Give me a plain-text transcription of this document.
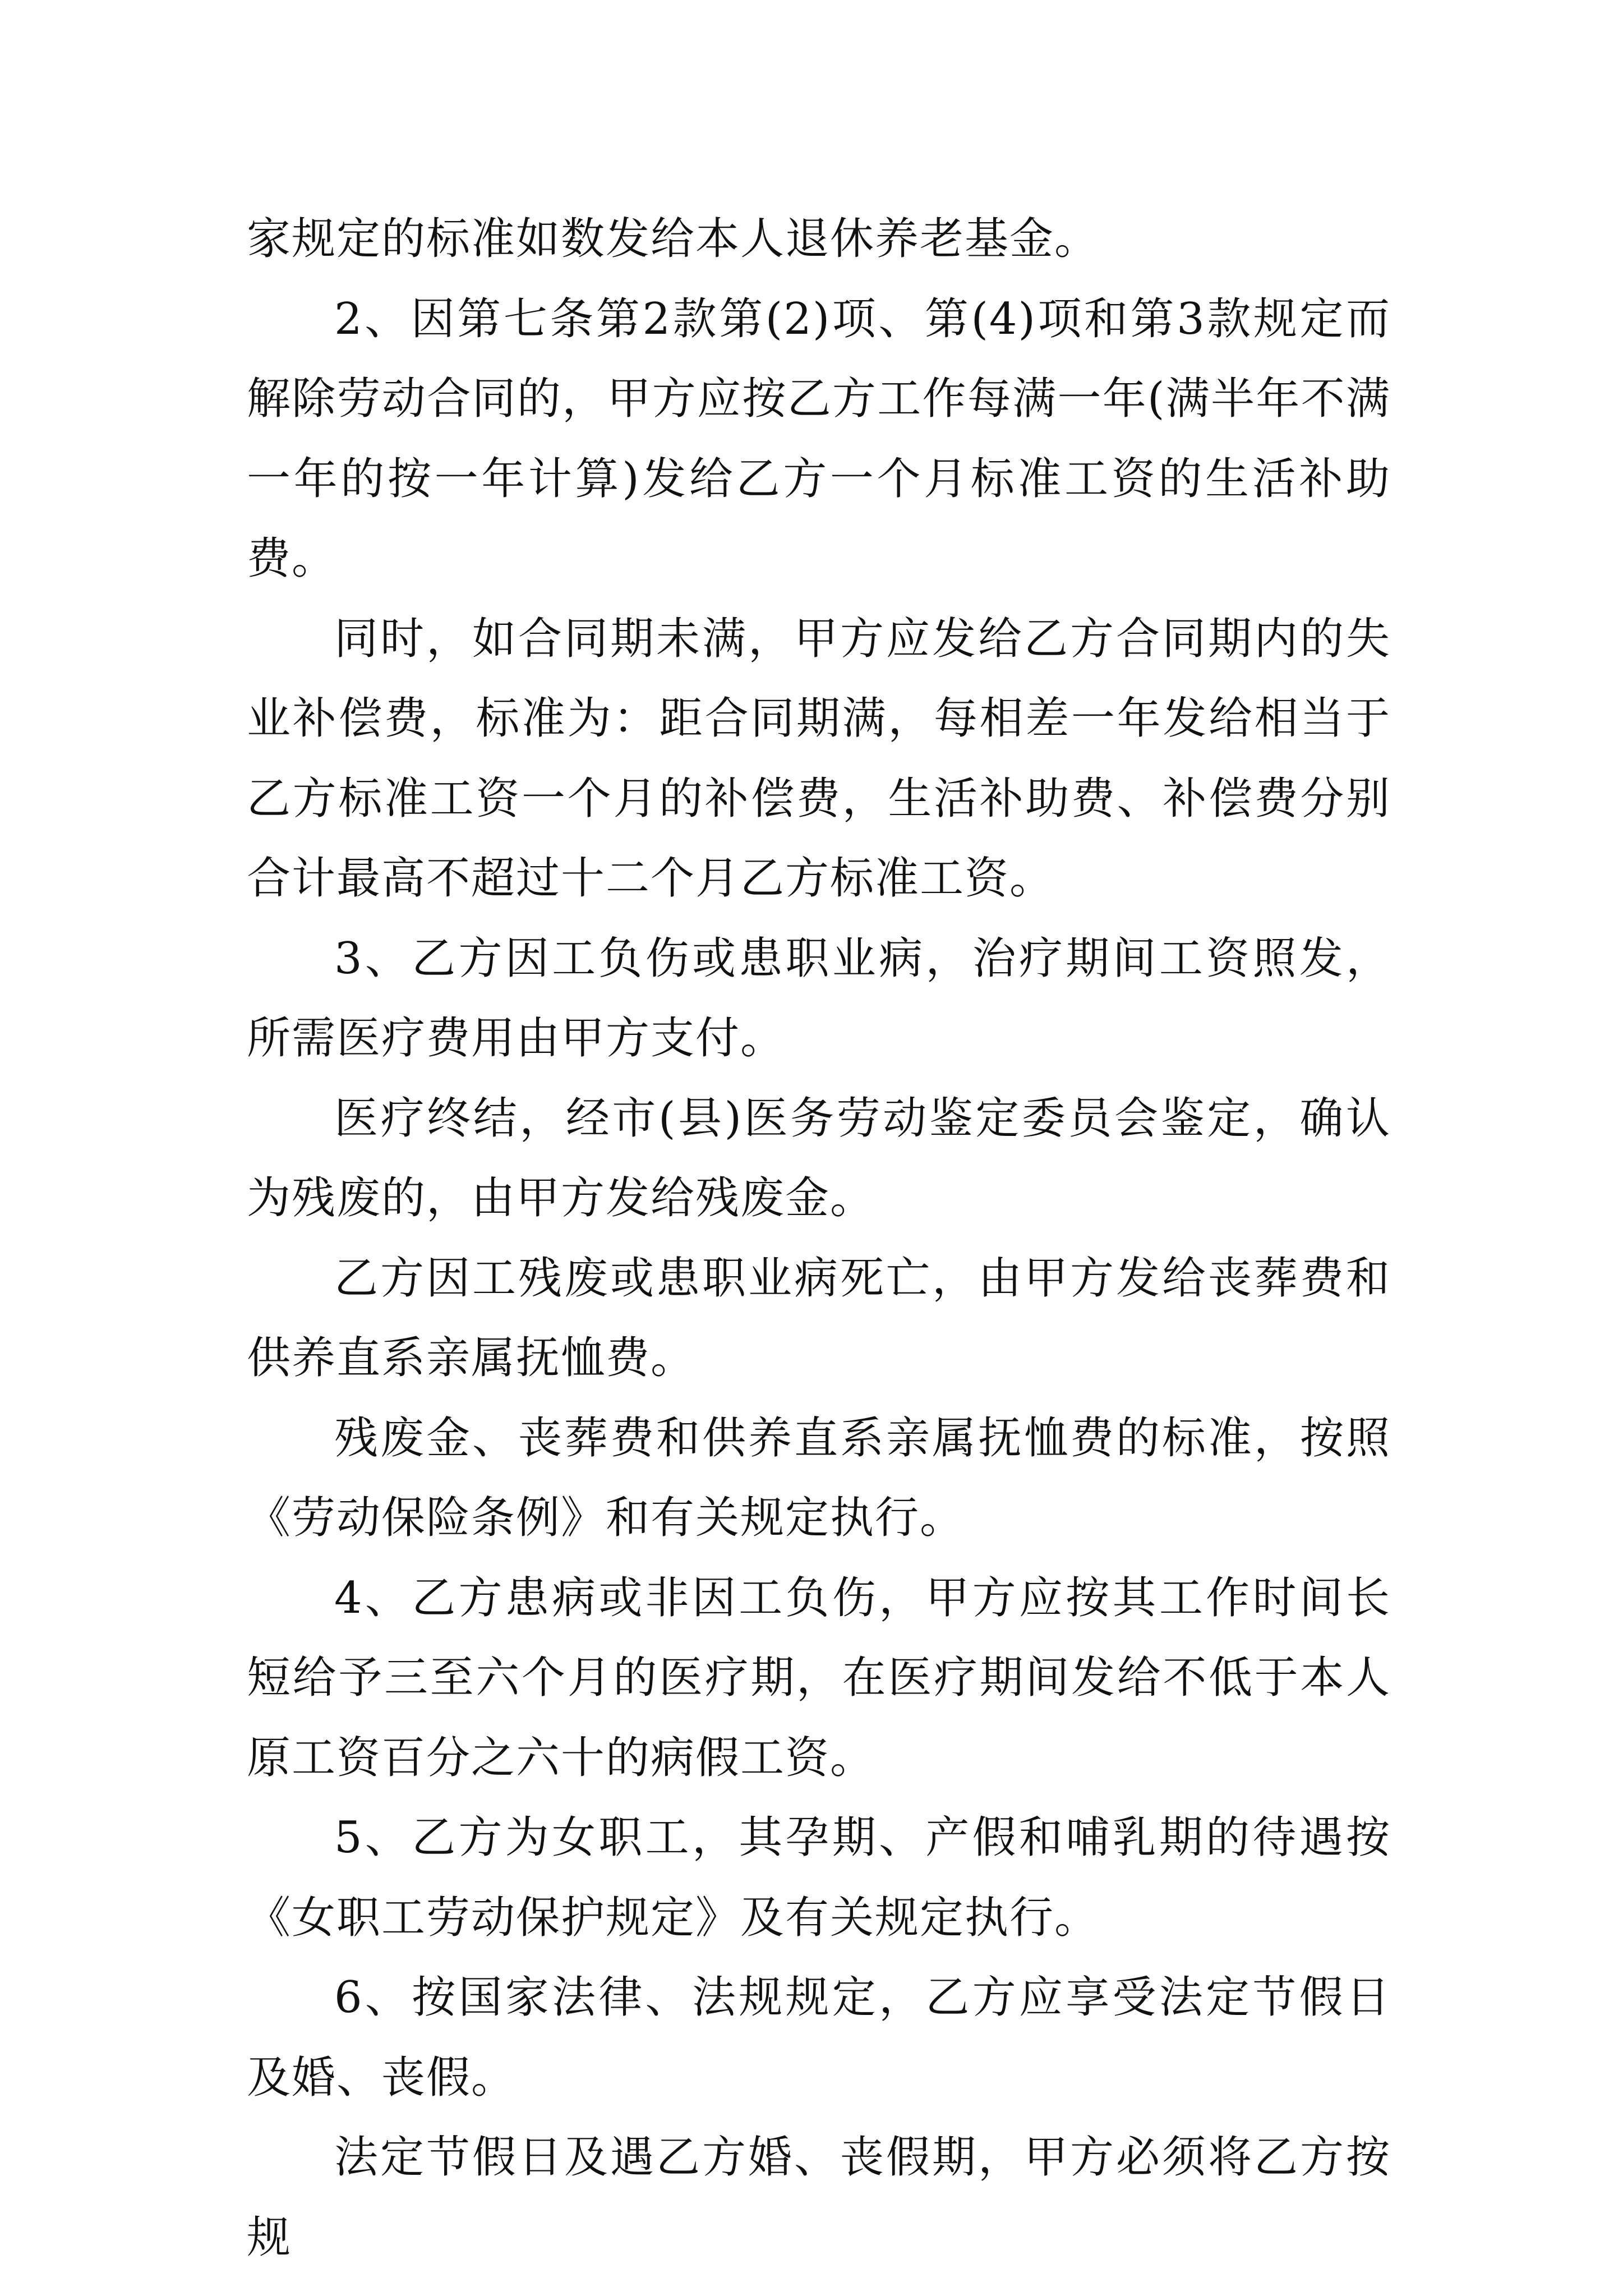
家规定的标准如数发给本人退休养老基金。

2、因第七条第2款第(2)项、第(4)项和第3款规定而解除劳动合同的，甲方应按乙方工作每满一年(满半年不满一年的按一年计算)发给乙方一个月标准工资的生活补助费。

同时，如合同期未满，甲方应发给乙方合同期内的失业补偿费，标准为：距合同期满，每相差一年发给相当于乙方标准工资一个月的补偿费，生活补助费、补偿费分别合计最高不超过十二个月乙方标准工资。

3、乙方因工负伤或患职业病，治疗期间工资照发，所需医疗费用由甲方支付。

医疗终结，经市(县)医务劳动鉴定委员会鉴定，确认为残废的，由甲方发给残废金。

乙方因工残废或患职业病死亡，由甲方发给丧葬费和供养直系亲属抚恤费。

残废金、丧葬费和供养直系亲属抚恤费的标准，按照《劳动保险条例》和有关规定执行。

4、乙方患病或非因工负伤，甲方应按其工作时间长短给予三至六个月的医疗期，在医疗期间发给不低于本人原工资百分之六十的病假工资。

5、乙方为女职工，其孕期、产假和哺乳期的待遇按《女职工劳动保护规定》及有关规定执行。

6、按国家法律、法规规定，乙方应享受法定节假日及婚、丧假。

法定节假日及遇乙方婚、丧假期，甲方必须将乙方按规
